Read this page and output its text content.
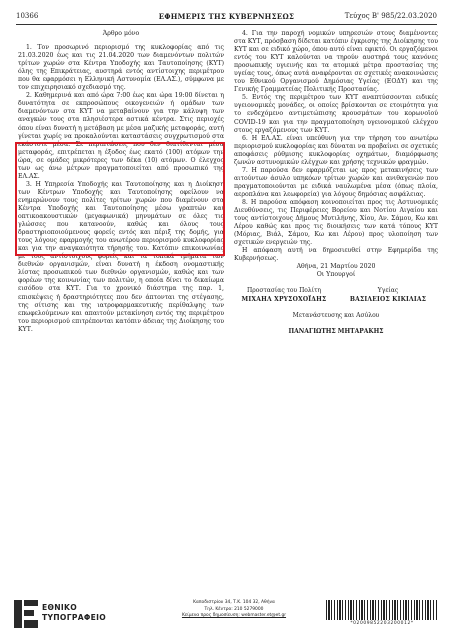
10366	ΕΦΗΜΕΡΙΣ ΤΗΣ ΚΥΒΕΡΝΗΣΕΩΣ	Τεύχος B' 985/22.03.2020

Άρθρο μόνο

1. Τον προσωρινό περιορισμό της κυκλοφορίας από τις 21.03.2020 έως και τις 21.04.2020 των διαμενόντων πολιτών τρίτων χωρών στα Κέντρα Υποδοχής και Ταυτοποίησης (ΚΥΤ) όλης της Επικράτειας, αυστηρά εντός αντίστοιχης περιμέτρου που θα εφαρμόσει η Ελληνική Αστυνομία (ΕΛ.ΑΣ.), σύμφωνα με τον επιχειρησιακό σχεδιασμό της.

2. Καθημερινά και από ώρα 7:00 έως και ώρα 19:00 δίνεται η δυνατότητα σε εκπροσώπους οικογενειών ή ομάδων των διαμενόντων στα ΚΥΤ να μεταβαίνουν για την κάλυψη των αναγκών τους στα πλησιέστερα αστικά κέντρα. Στις περιοχές όπου είναι δυνατή η μετάβαση με μέσα μαζικής μεταφοράς, αυτή γίνεται χωρίς να προκαλούνται καταστάσεις συγχρωτισμού στα εκάστοτε μέσα. Σε περιπτώσεις που δεν διατίθενται μέσα μεταφοράς, επιτρέπεται η έξοδος έως εκατό (100) ατόμων την ώρα, σε ομάδες μικρότερες των δέκα (10) ατόμων. Ο έλεγχος των ως άνω μέτρων πραγματοποιείται από προσωπικό της ΕΛ.ΑΣ.

3. Η Υπηρεσία Υποδοχής και Ταυτοποίησης και η Διοίκηση των Κέντρων Υποδοχής και Ταυτοποίησης οφείλουν να ενημερώνουν τους πολίτες τρίτων χωρών που διαμένουν στα Κέντρα Υποδοχής και Ταυτοποίησης μέσω γραπτών και οπτικοακουστικών (μεγαφωνικά) μηνυμάτων σε όλες τις γλώσσες που κατανοούν, καθώς και όλους τους δραστηριοποιούμενους φορείς εντός και πέριξ της δομής, για τους λόγους εφαρμογής του ανωτέρου περιορισμού κυκλοφορίας και για την αναγκαιότητα τήρησής του. Κατόπιν επικοινωνίας με τους αντίστοιχους φορείς και τα τοπικά τμήματα των διεθνών οργανισμών, είναι δυνατή η έκδοση ονομαστικής λίστας προσωπικού των διεθνών οργανισμών, καθώς και των φορέων της κοινωνίας των πολιτών, η οποία δίνει το δικαίωμα εισόδου στα ΚΥΤ. Για το χρονικό διάστημα της παρ. 1, επισκέψεις ή δραστηριότητες που δεν άπτονται της στέγασης, της σίτισης και της ιατροφαρμακευτικής περίθαλψης των επωφελούμενων και απαιτούν μετακίνηση εντός της περιμέτρου του περιορισμού επιτρέπονται κατόπιν άδειας της Διοίκησης του ΚΥΤ.

4. Για την παροχή νομικών υπηρεσιών στους διαμένοντες στα ΚΥΤ, πρόσβαση δίδεται κατόπιν έγκρισης της Διοίκησης του ΚΥΤ και σε ειδικό χώρο, όπου αυτό είναι εφικτό. Οι εργαζόμενοι εντός του ΚΥΤ καλούνται να τηρούν αυστηρά τους κανόνες προσωπικής υγιεινής και τα ατομικά μέτρα προστασίας της υγείας τους, όπως αυτά αναφέρονται σε σχετικές ανακοινώσεις του Εθνικού Οργανισμού Δημόσιας Υγείας (ΕΟΔΥ) και της Γενικής Γραμματείας Πολιτικής Προστασίας.

5. Εντός της περιμέτρου των ΚΥΤ αναπτύσσονται ειδικές υγειονομικές μονάδες, οι οποίες βρίσκονται σε ετοιμότητα για το ενδεχόμενο αντιμετώπισης κρουσμάτων του κορωνοϊού COVID-19 και για την πραγματοποίηση υγειονομικού ελέγχου στους εργαζόμενους των ΚΥΤ.

6. Η ΕΛ.ΑΣ. είναι υπεύθυνη για την τήρηση του ανωτέρω περιορισμού κυκλοφορίας και δύναται να προβαίνει σε σχετικές αποφάσεις ρύθμισης κυκλοφορίας οχημάτων, διαμόρφωσης ζωνών αστυνομικών ελέγχων και χρήσης τεχνικών φραγμών.

7. Η παρούσα δεν εφαρμόζεται ως προς μετακινήσεις των αιτούντων άσυλο υπηκόων τρίτων χωρών και ανιθαγενών που πραγματοποιούνται με ειδικά ναυλωμένα μέσα (όπως πλοία, αεροπλάνα και λεωφορεία) για λόγους δημόσιας ασφάλειας.

8. Η παρούσα απόφαση κοινοποιείται προς τις Αστυνομικές Διευθύνσεις, τις Περιφέρειες Βορείου και Νοτίου Αιγαίου και τους αντίστοιχους Δήμους Μυτιλήνης, Χίου, Αν. Σάμου, Κω και Λέρου καθώς και προς τις διοικήσεις των κατά τόπους ΚΥΤ (Μόριας, Βιάλ, Σάμου, Κω και Λέρου) προς υλοποίηση των σχετικών ενεργειών της.

Η απόφαση αυτή να δημοσιευθεί στην Εφημερίδα της Κυβερνήσεως.

Αθήνα, 21 Μαρτίου 2020

Οι Υπουργοί

Προστασίας του Πολίτη	Υγείας
ΜΙΧΑΗΛ ΧΡΥΣΟΧΟΪΔΗΣ	ΒΑΣΙΛΕΙΟΣ ΚΙΚΙΛΙΑΣ
Μετανάστευσης και Ασύλου
ΠΑΝΑΓΙΩΤΗΣ ΜΗΤΑΡΑΚΗΣ
ΕΘΝΙΚΟ
ΤΥΠΟΓΡΑΦΕΙΟ
Καποδιστρίου 34, Τ.Κ. 104 32, Αθήνα
Τηλ. Κέντρο: 210 5279000
Κείμενα προς δημοσίευση: webmaster.et@et.gr
*02009852203200012*
